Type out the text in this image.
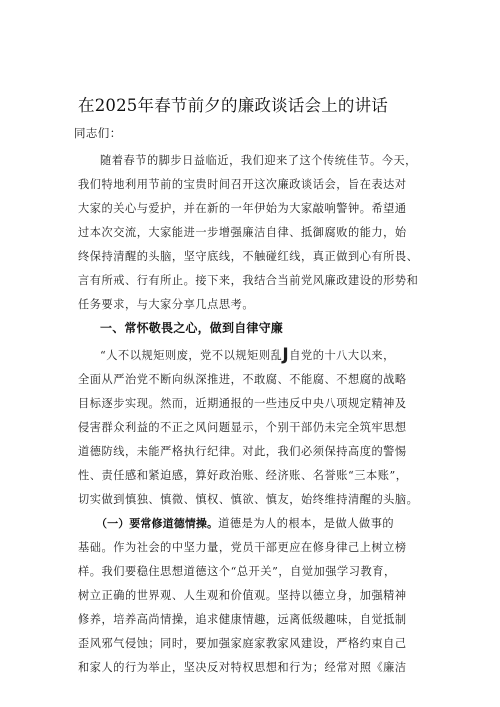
在2025年春节前夕的廉政谈话会上的讲话
同志们：
随着春节的脚步日益临近，我们迎来了这个传统佳节。今天，
我们特地利用节前的宝贵时间召开这次廉政谈话会，旨在表达对
大家的关心与爱护，并在新的一年伊始为大家敲响警钟。希望通
过本次交流，大家能进一步增强廉洁自律、抵御腐败的能力，始
终保持清醒的头脑，坚守底线，不触碰红线，真正做到心有所畏、
言有所戒、行有所止。接下来，我结合当前党风廉政建设的形势和
任务要求，与大家分享几点思考。
一、常怀敬畏之心，做到自律守廉
“人不以规矩则废，党不以规矩则乱J自党的十八大以来，
全面从严治党不断向纵深推进，不敢腐、不能腐、不想腐的战略
目标逐步实现。然而，近期通报的一些违反中央八项规定精神及
侵害群众利益的不正之风问题显示，个别干部仍未完全筑牢思想
道德防线，未能严格执行纪律。对此，我们必须保持高度的警惕
性、责任感和紧迫感，算好政治账、经济账、名誉账“三本账”，
切实做到慎独、慎微、慎权、慎欲、慎友，始终维持清醒的头脑。
（一）要常修道德情操。道德是为人的根本，是做人做事的
基础。作为社会的中坚力量，党员干部更应在修身律己上树立榜
样。我们要稳住思想道德这个“总开关”，自觉加强学习教育，
树立正确的世界观、人生观和价值观。坚持以德立身，加强精神
修养，培养高尚情操，追求健康情趣，远离低级趣味，自觉抵制
歪风邪气侵蚀；同时，要加强家庭家教家风建设，严格约束自己
和家人的行为举止，坚决反对特权思想和行为；经常对照《廉洁
